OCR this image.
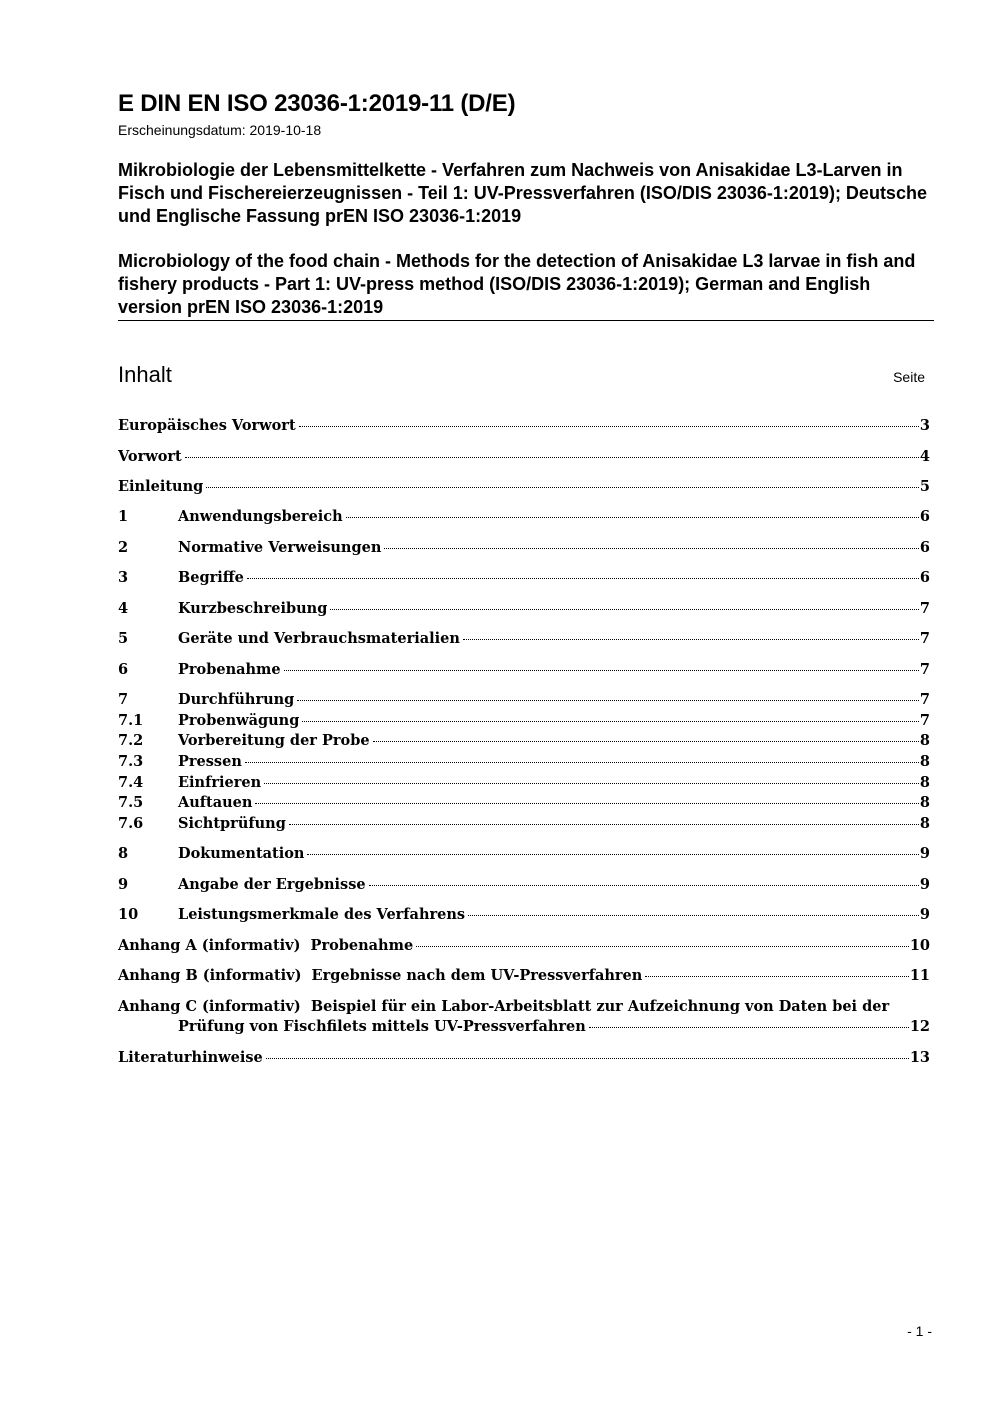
E DIN EN ISO 23036-1:2019-11 (D/E)
Erscheinungsdatum: 2019-10-18
Mikrobiologie der Lebensmittelkette - Verfahren zum Nachweis von Anisakidae L3-Larven in Fisch und Fischereierzeugnissen - Teil 1: UV-Pressverfahren (ISO/DIS 23036-1:2019); Deutsche und Englische Fassung prEN ISO 23036-1:2019
Microbiology of the food chain - Methods for the detection of Anisakidae L3 larvae in fish and fishery products - Part 1: UV-press method (ISO/DIS 23036-1:2019); German and English version prEN ISO 23036-1:2019
Inhalt	Seite
Europäisches Vorwort	3
Vorwort	4
Einleitung	5
1	Anwendungsbereich	6
2	Normative Verweisungen	6
3	Begriffe	6
4	Kurzbeschreibung	7
5	Geräte und Verbrauchsmaterialien	7
6	Probenahme	7
7	Durchführung	7
7.1	Probenwägung	7
7.2	Vorbereitung der Probe	8
7.3	Pressen	8
7.4	Einfrieren	8
7.5	Auftauen	8
7.6	Sichtprüfung	8
8	Dokumentation	9
9	Angabe der Ergebnisse	9
10	Leistungsmerkmale des Verfahrens	9
Anhang A (informativ)  Probenahme	10
Anhang B (informativ)  Ergebnisse nach dem UV-Pressverfahren	11
Anhang C (informativ)  Beispiel für ein Labor-Arbeitsblatt zur Aufzeichnung von Daten bei der
Prüfung von Fischfilets mittels UV-Pressverfahren	12
Literaturhinweise	13
- 1 -
